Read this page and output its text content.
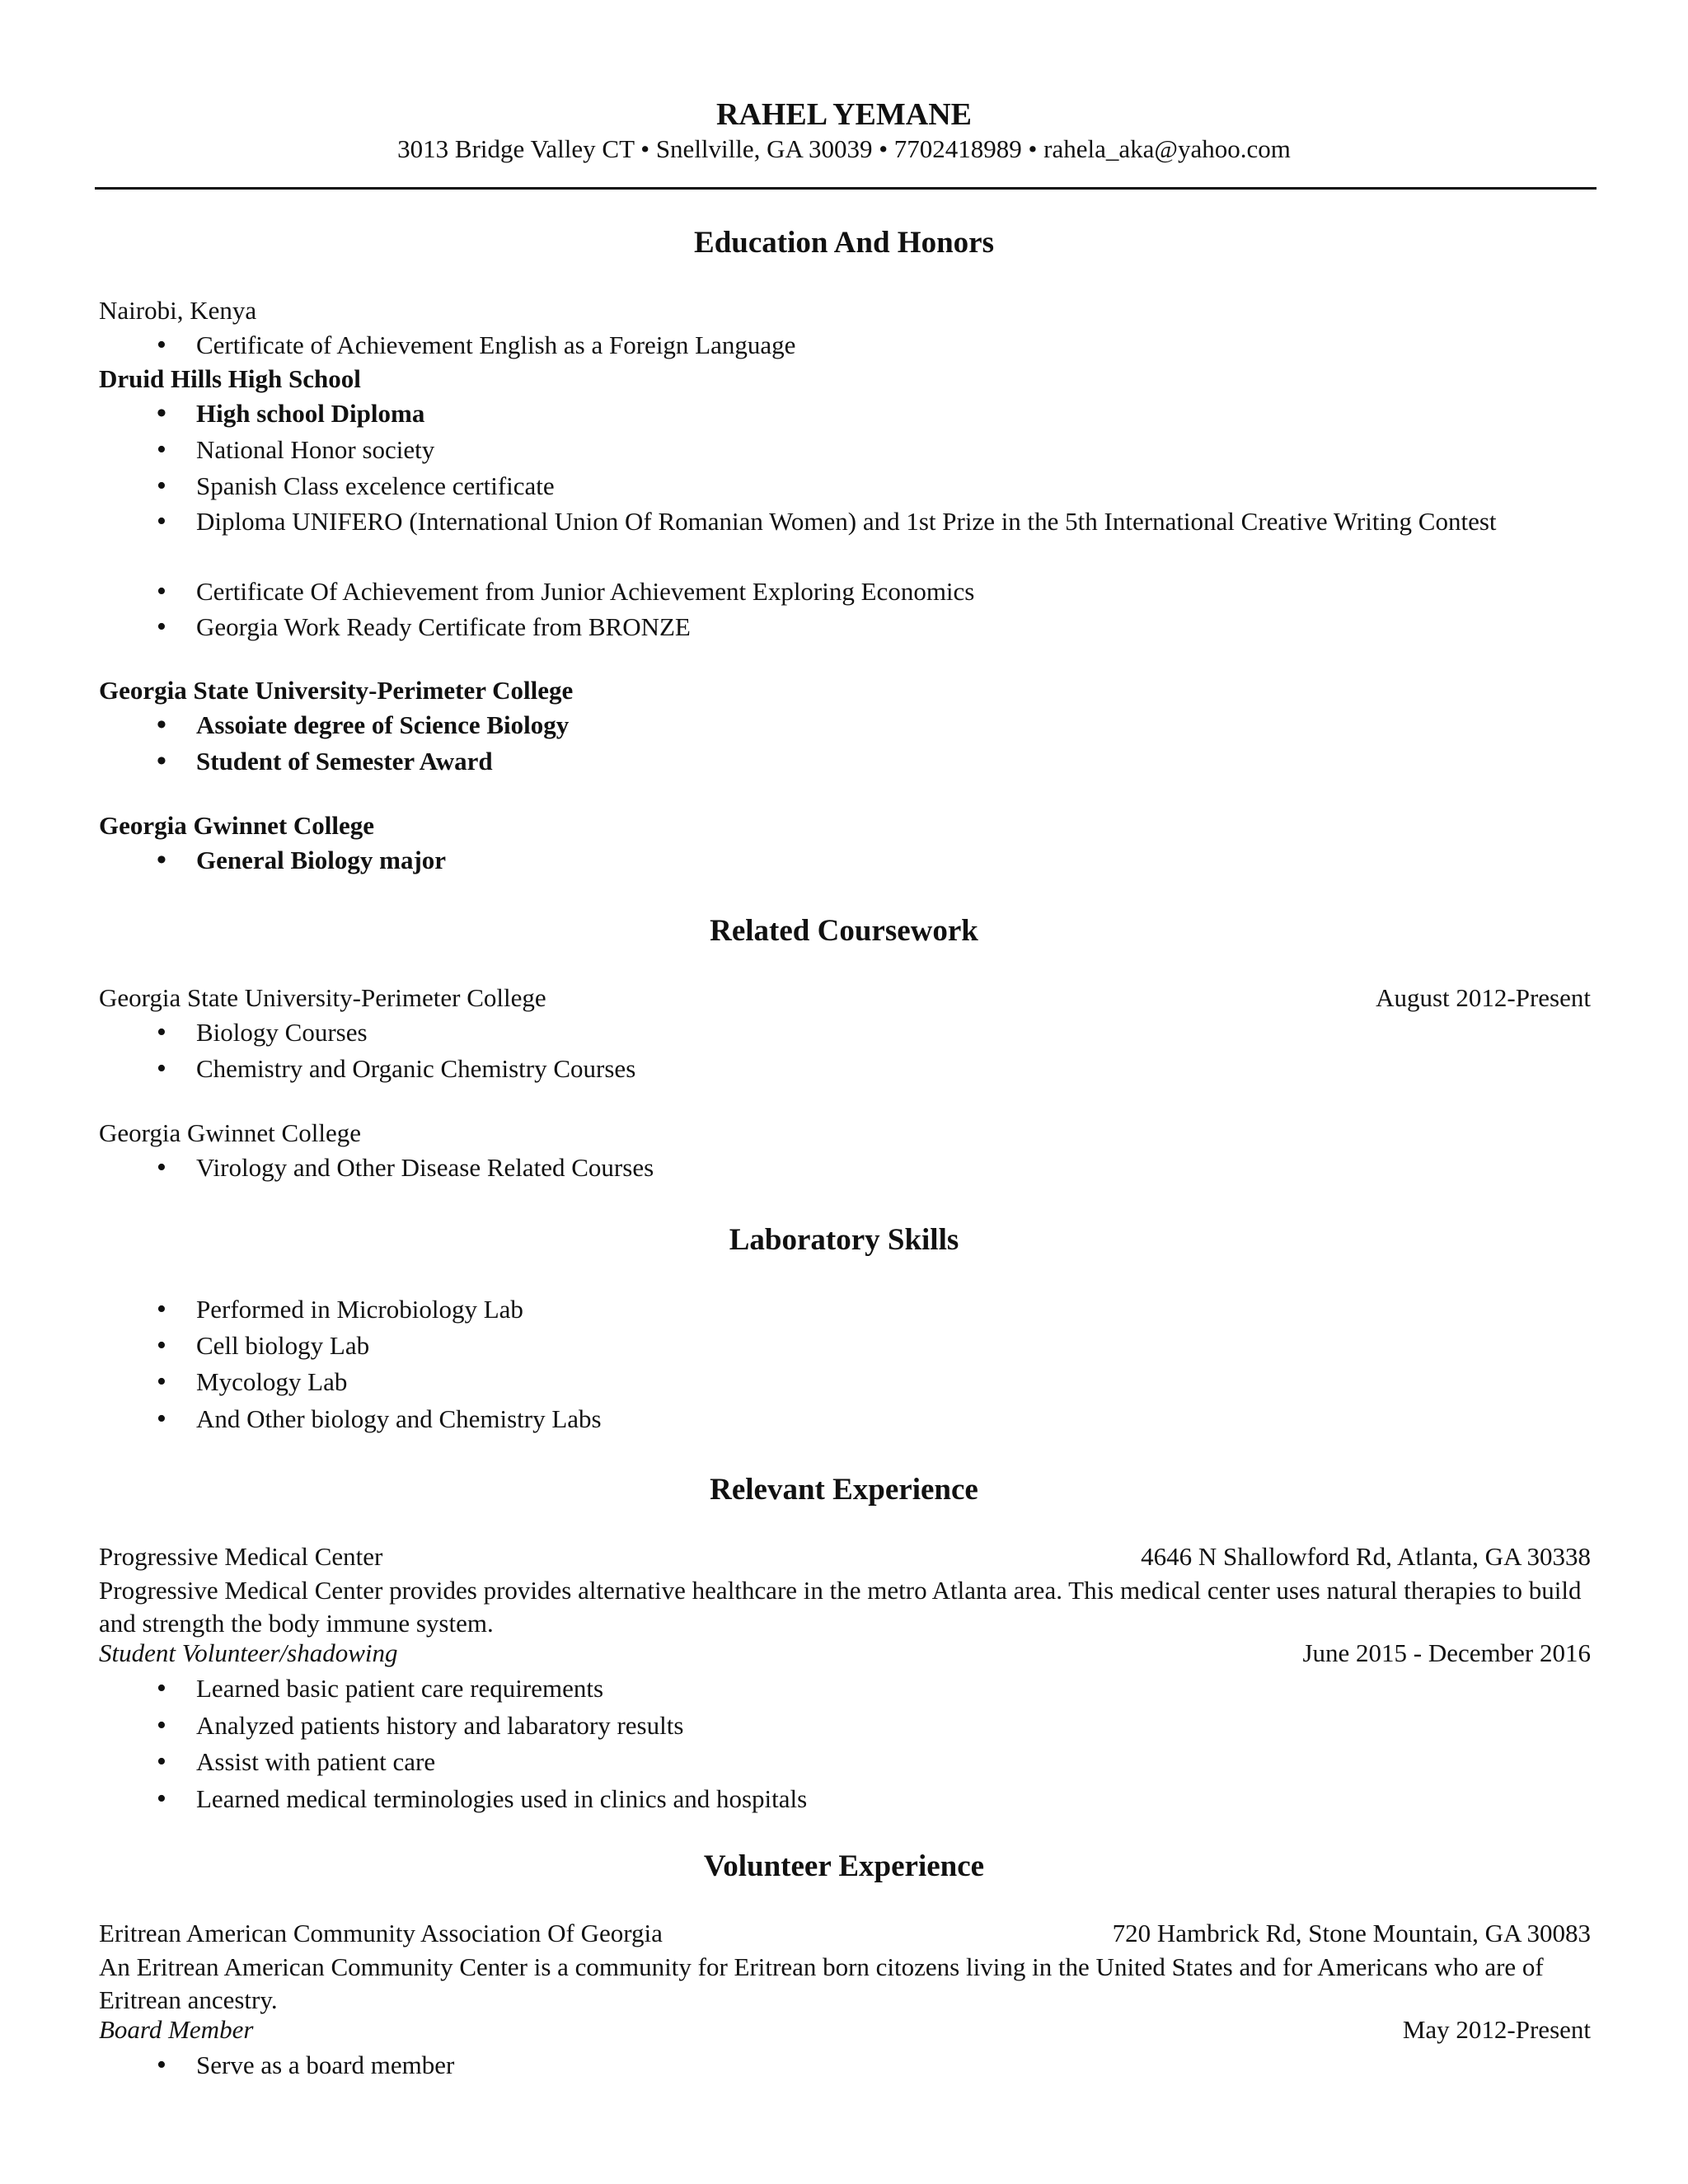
RAHEL YEMANE
3013 Bridge Valley CT • Snellville, GA 30039 • 7702418989 • rahela_aka@yahoo.com
Education And Honors
Nairobi, Kenya
• Certificate of Achievement English as a Foreign Language
Druid Hills High School
• High school Diploma
• National Honor society
• Spanish Class excelence certificate
• Diploma UNIFERO (International Union Of Romanian Women) and 1st Prize in the 5th International Creative Writing Contest
• Certificate Of Achievement from Junior Achievement Exploring Economics
• Georgia Work Ready Certificate from BRONZE
Georgia State University-Perimeter College
• Assoiate degree of Science Biology
• Student of Semester Award
Georgia Gwinnet College
• General Biology major
Related Coursework
Georgia State University-Perimeter College	August 2012-Present
• Biology Courses
• Chemistry and Organic Chemistry Courses
Georgia Gwinnet College
• Virology and Other Disease Related Courses
Laboratory Skills
• Performed in Microbiology Lab
• Cell biology Lab
• Mycology Lab
• And Other biology and Chemistry Labs
Relevant Experience
Progressive Medical Center	4646 N Shallowford Rd, Atlanta, GA 30338
Progressive Medical Center provides provides alternative healthcare in the metro Atlanta area. This medical center uses natural therapies to build and strength the body immune system.
Student Volunteer/shadowing	June 2015 - December 2016
• Learned basic patient care requirements
• Analyzed patients history and labaratory results
• Assist with patient care
• Learned medical terminologies used in clinics and hospitals
Volunteer Experience
Eritrean American Community Association Of Georgia	720 Hambrick Rd, Stone Mountain, GA 30083
An Eritrean American Community Center is a community for Eritrean born citozens living in the United States and for Americans who are of Eritrean ancestry.
Board Member	May 2012-Present
• Serve as a board member
